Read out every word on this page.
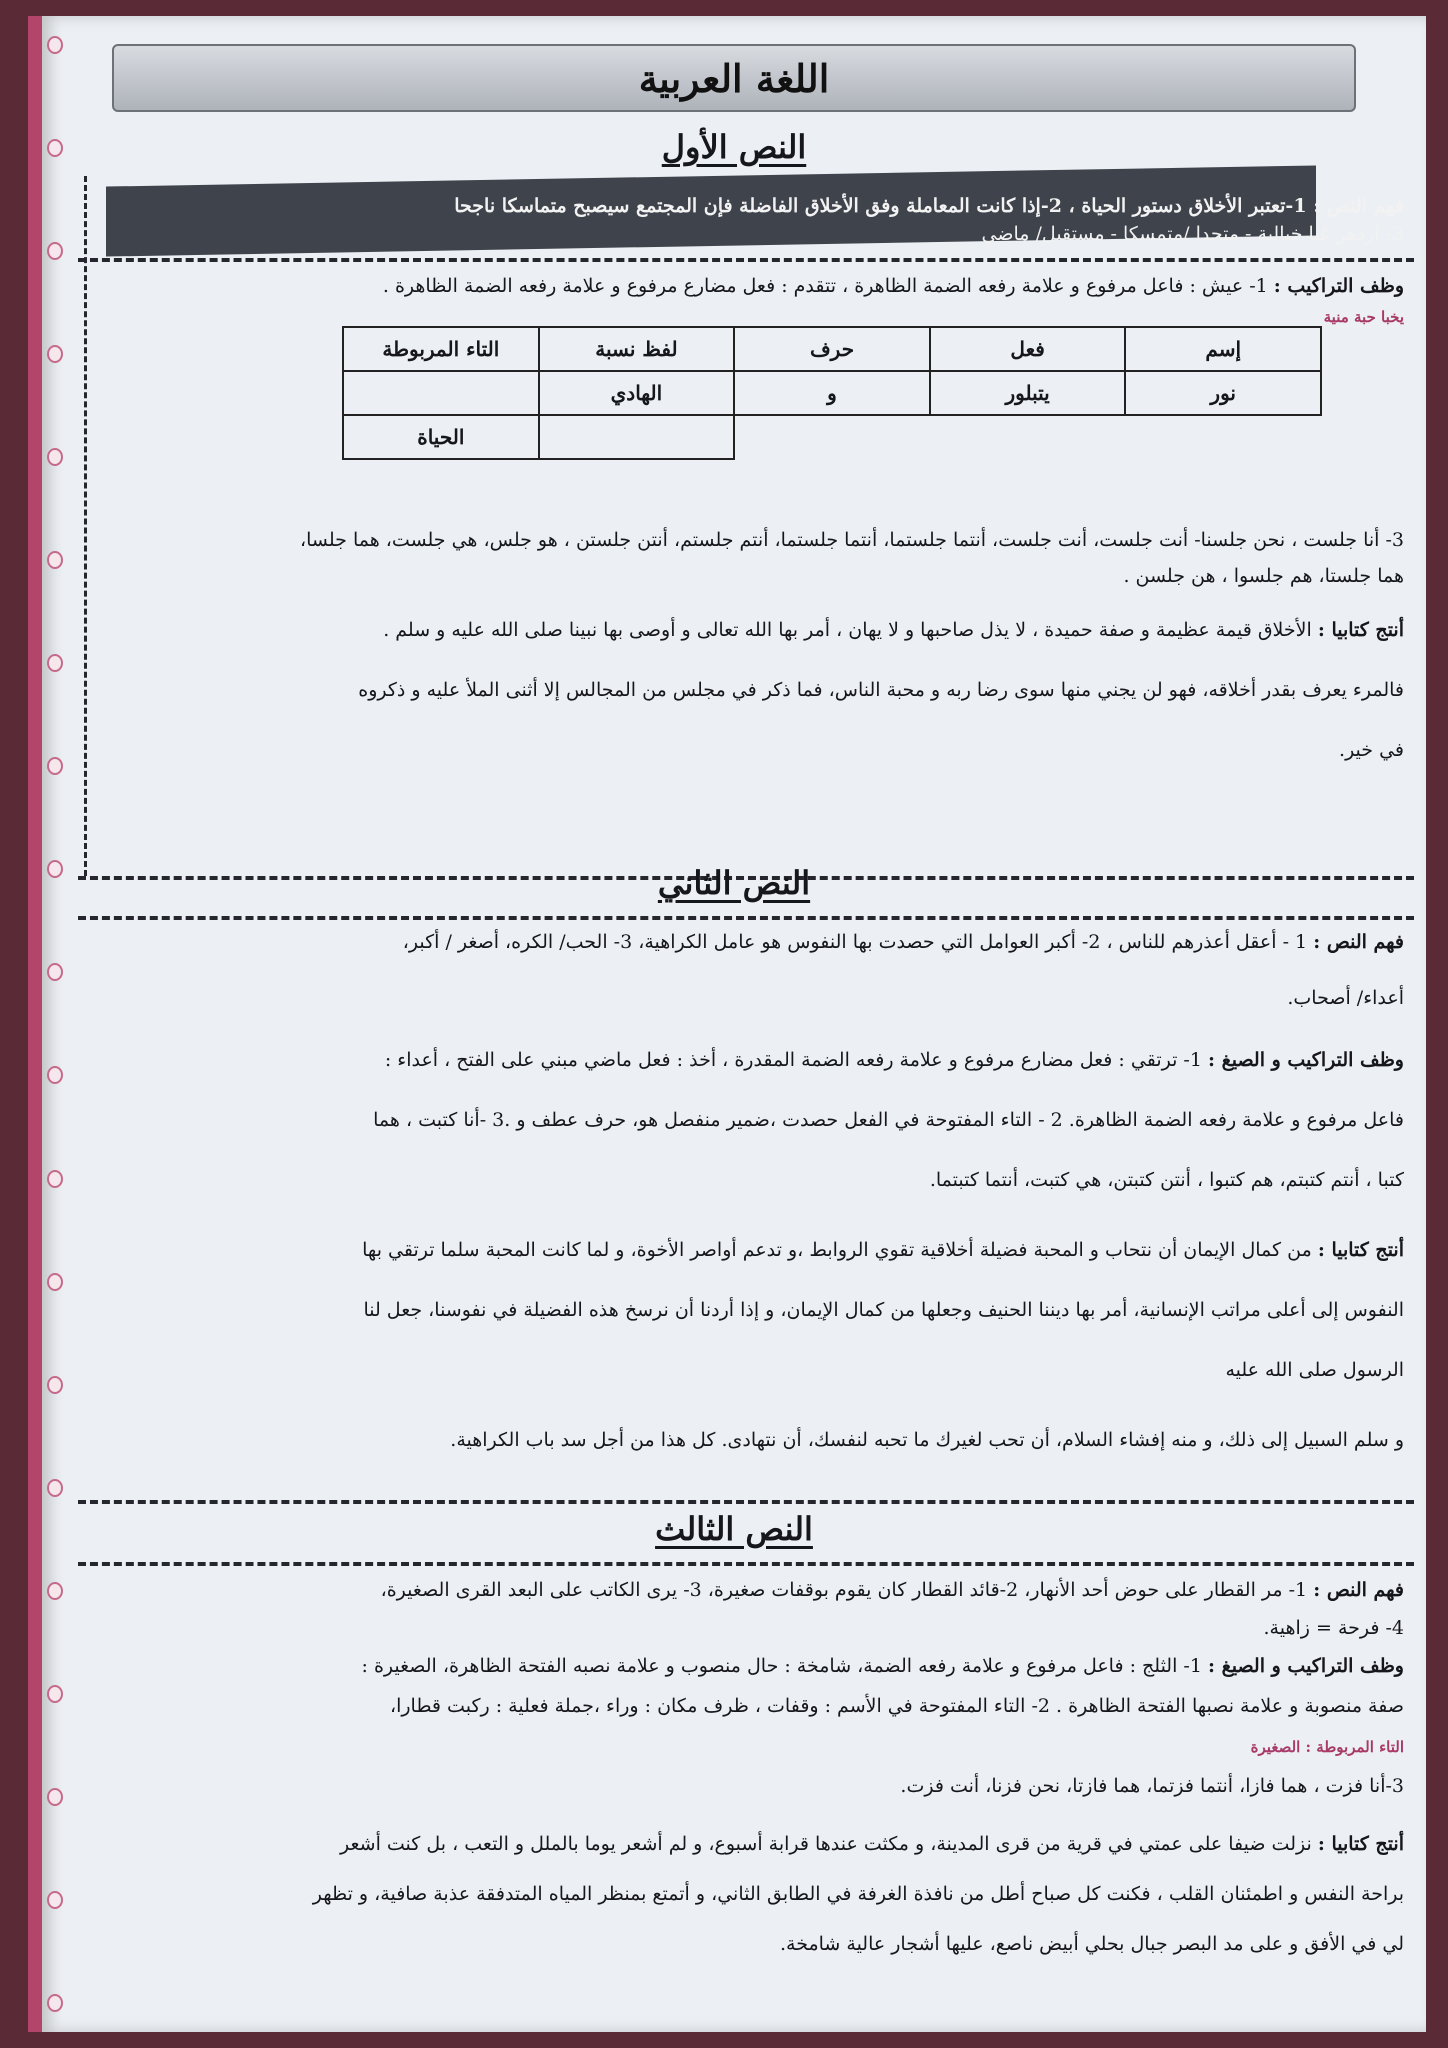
اللغة العربية
النص الأول
فهم النص : 1-تعتبر الأخلاق دستور الحياة ، 2-إذا كانت المعاملة وفق الأخلاق الفاضلة فإن المجتمع سيصبح متماسكا ناجحا
3- ازدهر غنا خيالية - متجدا /متمسكا - مستقبل/ ماضي
وظف التراكيب : 1- عيش : فاعل مرفوع و علامة رفعه الضمة الظاهرة ، تتقدم : فعل مضارع مرفوع و علامة رفعه الضمة الظاهرة .
يخبا حبة منية
إسم	فعل	حرف	لفظ نسبة	التاء المربوطة
نور	يتبلور	و	الهادي	
				الحياة
3- أنا جلست ، نحن جلسنا- أنت جلست، أنت جلست، أنتما جلستما، أنتما جلستما، أنتم جلستم، أنتن جلستن ، هو جلس، هي جلست، هما جلسا،
هما جلستا، هم جلسوا ، هن جلسن .
أنتج كتابيا : الأخلاق قيمة عظيمة و صفة حميدة ، لا يذل صاحبها و لا يهان ، أمر بها الله تعالى و أوصى بها نبينا صلى الله عليه و سلم .
فالمرء يعرف بقدر أخلاقه، فهو لن يجني منها سوى رضا ربه و محبة الناس، فما ذكر في مجلس من المجالس إلا أثنى الملأ عليه و ذكروه
في خير.
النص الثاني
فهم النص : 1 - أعقل أعذرهم للناس ، 2- أكبر العوامل التي حصدت بها النفوس هو عامل الكراهية، 3- الحب/ الكره، أصغر / أكبر،
أعداء/ أصحاب.
وظف التراكيب و الصيغ : 1- ترتقي : فعل مضارع مرفوع و علامة رفعه الضمة المقدرة ، أخذ : فعل ماضي مبني على الفتح ، أعداء :
فاعل مرفوع و علامة رفعه الضمة الظاهرة. 2 - التاء المفتوحة في الفعل حصدت ،ضمير منفصل هو، حرف عطف و .3 -أنا كتبت ، هما
كتبا ، أنتم كتبتم، هم كتبوا ، أنتن كتبتن، هي كتبت، أنتما كتبتما.
أنتج كتابيا : من كمال الإيمان أن نتحاب و المحبة فضيلة أخلاقية تقوي الروابط ،و تدعم أواصر الأخوة، و لما كانت المحبة سلما ترتقي بها
النفوس إلى أعلى مراتب الإنسانية، أمر بها ديننا الحنيف وجعلها من كمال الإيمان، و إذا أردنا أن نرسخ هذه الفضيلة في نفوسنا، جعل لنا
الرسول صلى الله عليه
و سلم السبيل إلى ذلك، و منه إفشاء السلام، أن تحب لغيرك ما تحبه لنفسك، أن نتهادى. كل هذا من أجل سد باب الكراهية.
النص الثالث
فهم النص : 1- مر القطار على حوض أحد الأنهار، 2-قائد القطار كان يقوم بوقفات صغيرة، 3- يرى الكاتب على البعد القرى الصغيرة،
4- فرحة = زاهية.
وظف التراكيب و الصيغ : 1- الثلج : فاعل مرفوع و علامة رفعه الضمة، شامخة : حال منصوب و علامة نصبه الفتحة الظاهرة، الصغيرة :
صفة منصوبة و علامة نصبها الفتحة الظاهرة . 2- التاء المفتوحة في الأسم : وقفات ، ظرف مكان : وراء ،جملة فعلية : ركبت قطارا،
التاء المربوطة : الصغيرة
3-أنا فزت ، هما فازا، أنتما فزتما، هما فازتا، نحن فزنا، أنت فزت.
أنتج كتابيا : نزلت ضيفا على عمتي في قرية من قرى المدينة، و مكثت عندها قرابة أسبوع، و لم أشعر يوما بالملل و التعب ، بل كنت أشعر
براحة النفس و اطمئنان القلب ، فكنت كل صباح أطل من نافذة الغرفة في الطابق الثاني، و أتمتع بمنظر المياه المتدفقة عذبة صافية، و تظهر
لي في الأفق و على مد البصر جبال بحلي أبيض ناصع، عليها أشجار عالية شامخة.
